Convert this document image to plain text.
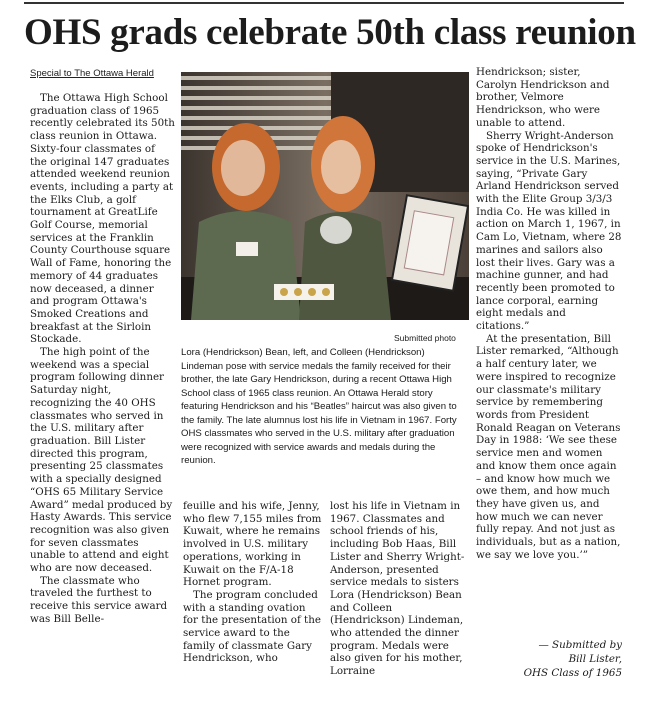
OHS grads celebrate 50th class reunion
Special to The Ottawa Herald

The Ottawa High School graduation class of 1965 recently celebrated its 50th class reunion in Ottawa. Sixty-four classmates of the original 147 graduates attended weekend reunion events, including a party at the Elks Club, a golf tournament at GreatLife Golf Course, memorial services at the Franklin County Courthouse square Wall of Fame, honoring the memory of 44 graduates now deceased, a dinner and program Ottawa's Smoked Creations and breakfast at the Sirloin Stockade.

The high point of the weekend was a special program following dinner Saturday night, recognizing the 40 OHS classmates who served in the U.S. military after graduation. Bill Lister directed this program, presenting 25 classmates with a specially designed “OHS 65 Military Service Award” medal produced by Hasty Awards. This service recognition was also given for seven classmates unable to attend and eight who are now deceased.

The classmate who traveled the furthest to receive this service award was Bill Belle-

Submitted photo

Lora (Hendrickson) Bean, left, and Colleen (Hendrickson) Lindeman pose with service medals the family received for their brother, the late Gary Hendrickson, during a recent Ottawa High School class of 1965 class reunion. An Ottawa Herald story featuring Hendrickson and his “Beatles” haircut was also given to the family. The late alumnus lost his life in Vietnam in 1967. Forty OHS classmates who served in the U.S. military after graduation were recognized with service awards and medals during the reunion.

feuille and his wife, Jenny, who flew 7,155 miles from Kuwait, where he remains involved in U.S. military operations, working in Kuwait on the F/A-18 Hornet program.

The program concluded with a standing ovation for the presentation of the service award to the family of classmate Gary Hendrickson, who

lost his life in Vietnam in 1967. Classmates and school friends of his, including Bob Haas, Bill Lister and Sherry Wright-Anderson, presented service medals to sisters Lora (Hendrickson) Bean and Colleen (Hendrickson) Lindeman, who attended the dinner program. Medals were also given for his mother, Lorraine

Hendrickson; sister, Carolyn Hendrickson and brother, Velmore Hendrickson, who were unable to attend.

Sherry Wright-Anderson spoke of Hendrickson's service in the U.S. Marines, saying, “Private Gary Arland Hendrickson served with the Elite Group 3/3/3 India Co. He was killed in action on March 1, 1967, in Cam Lo, Vietnam, where 28 marines and sailors also lost their lives. Gary was a machine gunner, and had recently been promoted to lance corporal, earning eight medals and citations.”

At the presentation, Bill Lister remarked, “Although a half century later, we were inspired to recognize our classmate's military service by remembering words from President Ronald Reagan on Veterans Day in 1988: ‘We see these service men and women and know them once again – and know how much we owe them, and how much they have given us, and how much we can never fully repay. And not just as individuals, but as a nation, we say we love you.’”

— Submitted by
Bill Lister,
OHS Class of 1965
